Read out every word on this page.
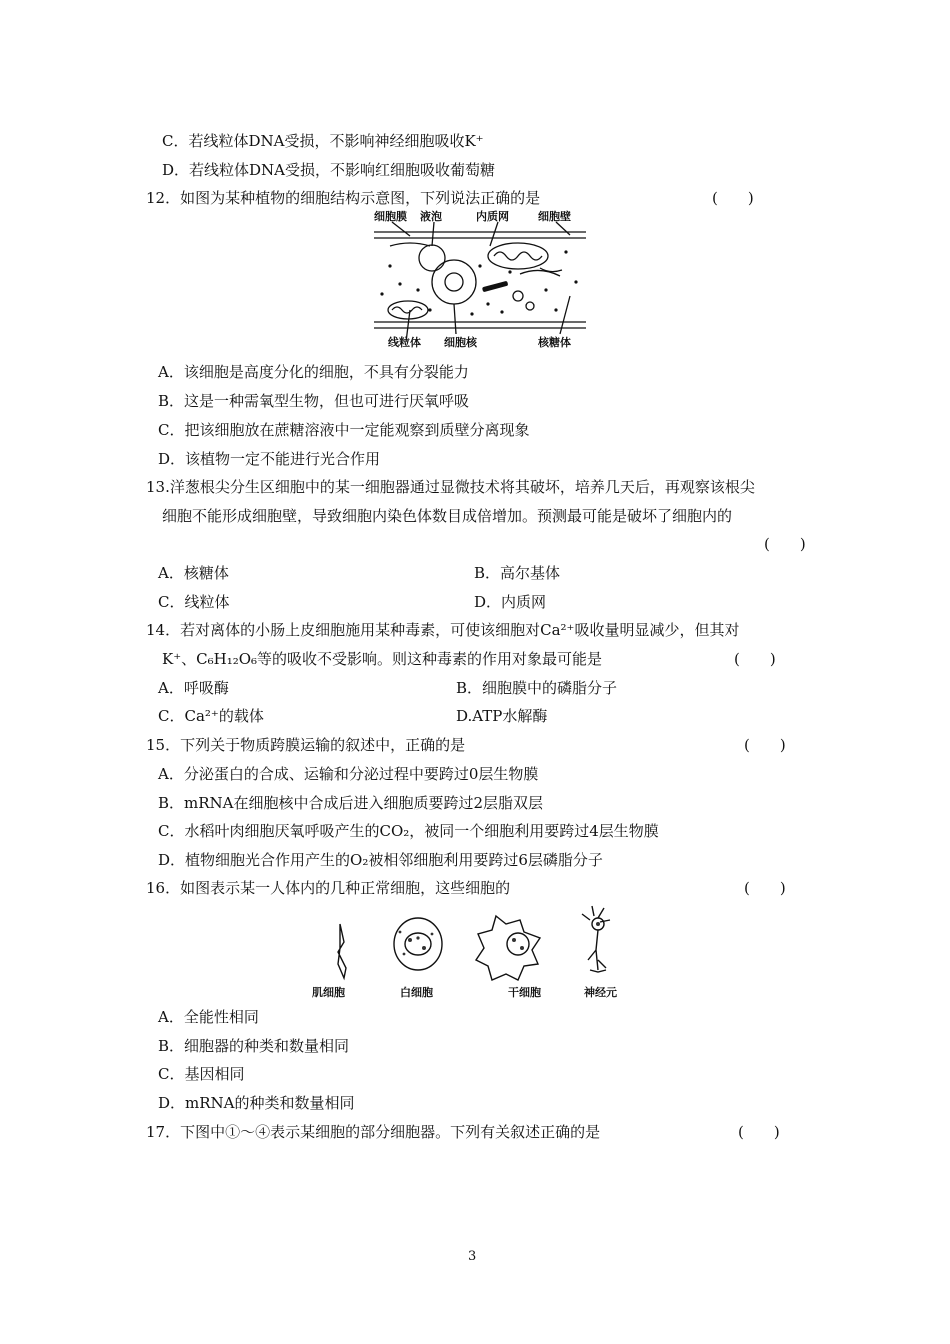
C．若线粒体DNA受损，不影响神经细胞吸收K⁺
D．若线粒体DNA受损，不影响红细胞吸收葡萄糖
12．如图为某种植物的细胞结构示意图，下列说法正确的是	(　　)
细胞膜 液泡	内质网	细胞壁
线粒体 细胞核	核糖体
A．该细胞是高度分化的细胞，不具有分裂能力
B．这是一种需氧型生物，但也可进行厌氧呼吸
C．把该细胞放在蔗糖溶液中一定能观察到质壁分离现象
D．该植物一定不能进行光合作用
13.洋葱根尖分生区细胞中的某一细胞器通过显微技术将其破坏，培养几天后，再观察该根尖
细胞不能形成细胞壁，导致细胞内染色体数目成倍增加。预测最可能是破坏了细胞内的
(　　)
A．核糖体	B．高尔基体
C．线粒体	D．内质网
14．若对离体的小肠上皮细胞施用某种毒素，可使该细胞对Ca²⁺吸收量明显减少，但其对
K⁺、C₆H₁₂O₆等的吸收不受影响。则这种毒素的作用对象最可能是	(　　)
A．呼吸酶	B．细胞膜中的磷脂分子
C．Ca²⁺的载体	D.ATP水解酶
15．下列关于物质跨膜运输的叙述中，正确的是	(　　)
A．分泌蛋白的合成、运输和分泌过程中要跨过0层生物膜
B．mRNA在细胞核中合成后进入细胞质要跨过2层脂双层
C．水稻叶肉细胞厌氧呼吸产生的CO₂，被同一个细胞利用要跨过4层生物膜
D．植物细胞光合作用产生的O₂被相邻细胞利用要跨过6层磷脂分子
16．如图表示某一人体内的几种正常细胞，这些细胞的	(　　)
肌细胞	白细胞	干细胞	神经元
A．全能性相同
B．细胞器的种类和数量相同
C．基因相同
D．mRNA的种类和数量相同
17．下图中①～④表示某细胞的部分细胞器。下列有关叙述正确的是	(　　)
3
